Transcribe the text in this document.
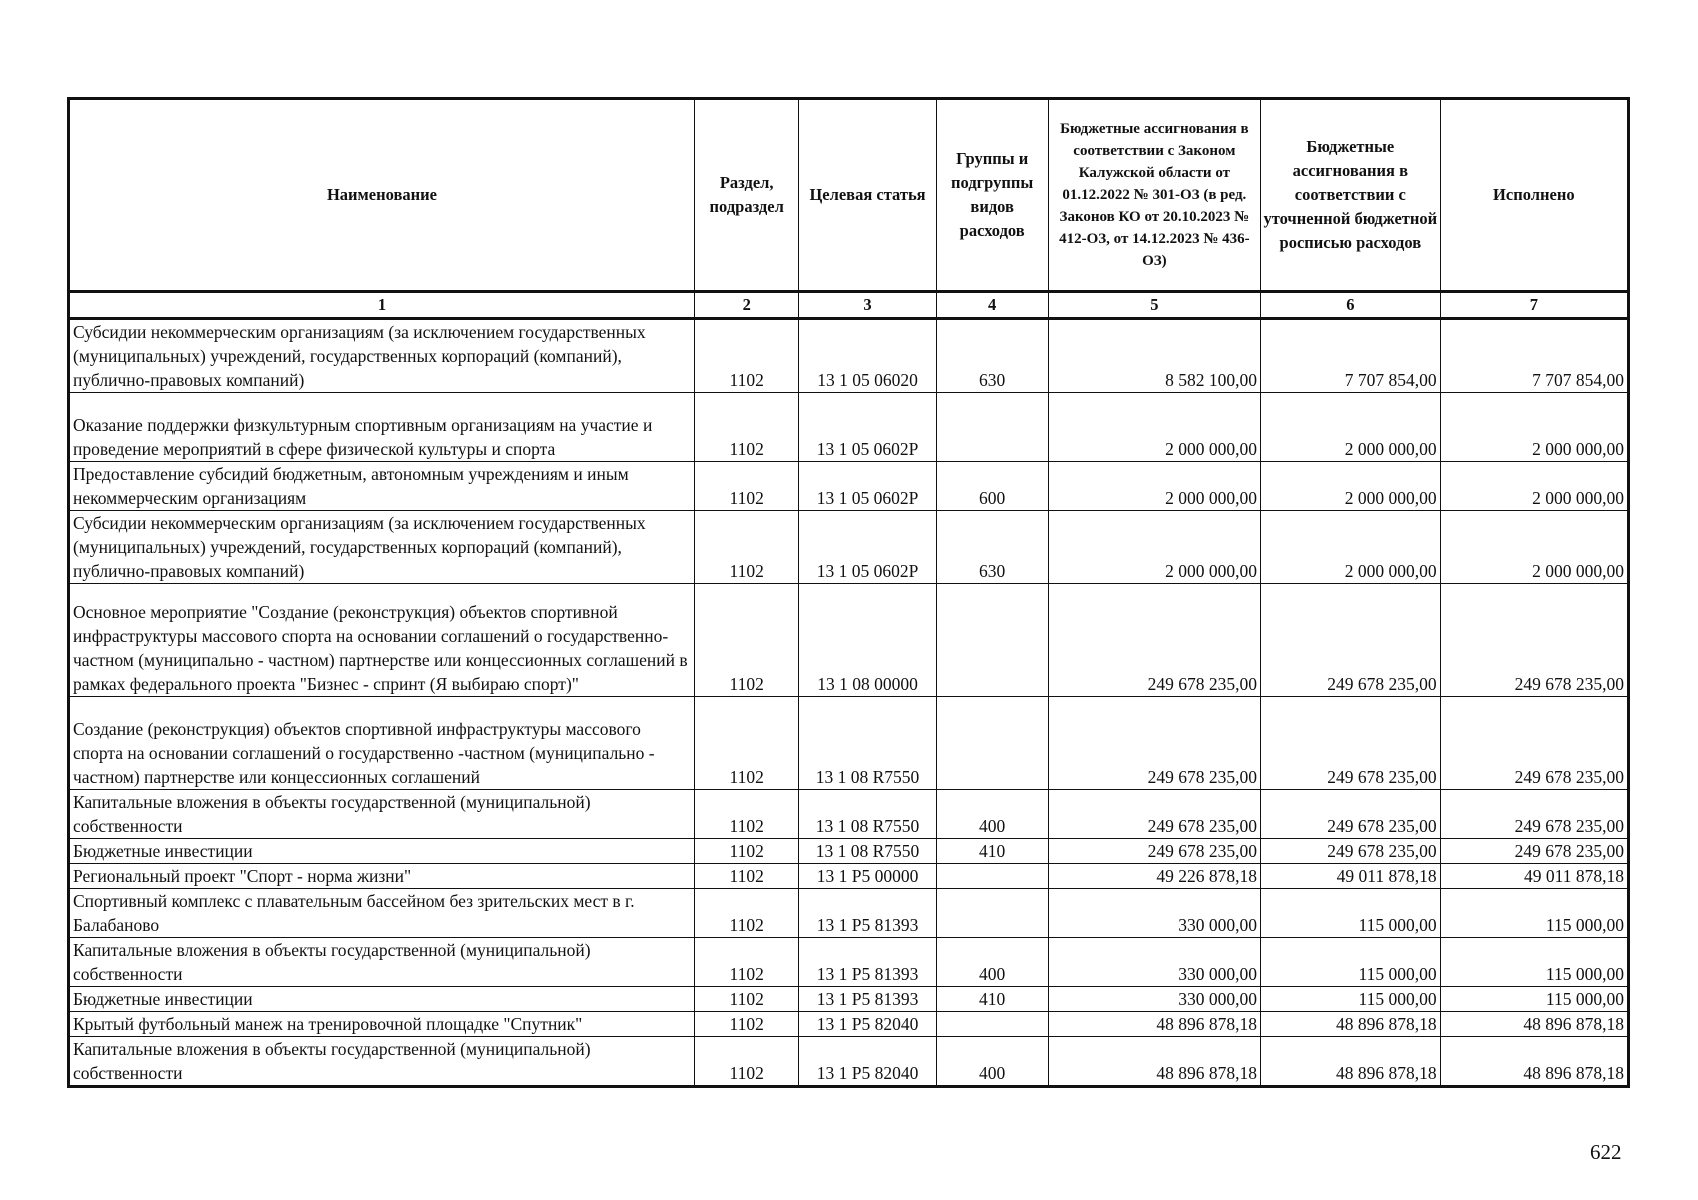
Наименование	Раздел, подраздел	Целевая статья	Группы и подгруппы видов расходов	Бюджетные ассигнования в соответствии с Законом Калужской области от 01.12.2022 № 301-ОЗ (в ред. Законов КО от 20.10.2023 № 412-ОЗ, от 14.12.2023 № 436-ОЗ)	Бюджетные ассигнования в соответствии с уточненной бюджетной росписью расходов	Исполнено
1	2	3	4	5	6	7
Субсидии некоммерческим организациям (за исключением государственных (муниципальных) учреждений, государственных корпораций (компаний), публично-правовых компаний)	1102	13 1 05 06020	630	8 582 100,00	7 707 854,00	7 707 854,00
Оказание поддержки физкультурным спортивным организациям на участие и проведение мероприятий в сфере физической культуры и спорта	1102	13 1 05 0602Р		2 000 000,00	2 000 000,00	2 000 000,00
Предоставление субсидий бюджетным, автономным учреждениям и иным некоммерческим организациям	1102	13 1 05 0602Р	600	2 000 000,00	2 000 000,00	2 000 000,00
Субсидии некоммерческим организациям (за исключением государственных (муниципальных) учреждений, государственных корпораций (компаний), публично-правовых компаний)	1102	13 1 05 0602Р	630	2 000 000,00	2 000 000,00	2 000 000,00
Основное мероприятие "Создание (реконструкция) объектов спортивной инфраструктуры массового спорта на основании соглашений о государственно-частном (муниципально - частном) партнерстве или концессионных соглашений в рамках федерального проекта "Бизнес - спринт (Я выбираю спорт)"	1102	13 1 08 00000		249 678 235,00	249 678 235,00	249 678 235,00
Создание (реконструкция) объектов спортивной инфраструктуры массового спорта на основании соглашений о государственно -частном (муниципально - частном) партнерстве или концессионных соглашений	1102	13 1 08 R7550		249 678 235,00	249 678 235,00	249 678 235,00
Капитальные вложения в объекты государственной (муниципальной) собственности	1102	13 1 08 R7550	400	249 678 235,00	249 678 235,00	249 678 235,00
Бюджетные инвестиции	1102	13 1 08 R7550	410	249 678 235,00	249 678 235,00	249 678 235,00
Региональный проект "Спорт - норма жизни"	1102	13 1 Р5 00000		49 226 878,18	49 011 878,18	49 011 878,18
Спортивный комплекс с плавательным бассейном без зрительских мест в г. Балабаново	1102	13 1 Р5 81393		330 000,00	115 000,00	115 000,00
Капитальные вложения в объекты государственной (муниципальной) собственности	1102	13 1 Р5 81393	400	330 000,00	115 000,00	115 000,00
Бюджетные инвестиции	1102	13 1 Р5 81393	410	330 000,00	115 000,00	115 000,00
Крытый футбольный манеж на тренировочной площадке "Спутник"	1102	13 1 Р5 82040		48 896 878,18	48 896 878,18	48 896 878,18
Капитальные вложения в объекты государственной (муниципальной) собственности	1102	13 1 Р5 82040	400	48 896 878,18	48 896 878,18	48 896 878,18
622
